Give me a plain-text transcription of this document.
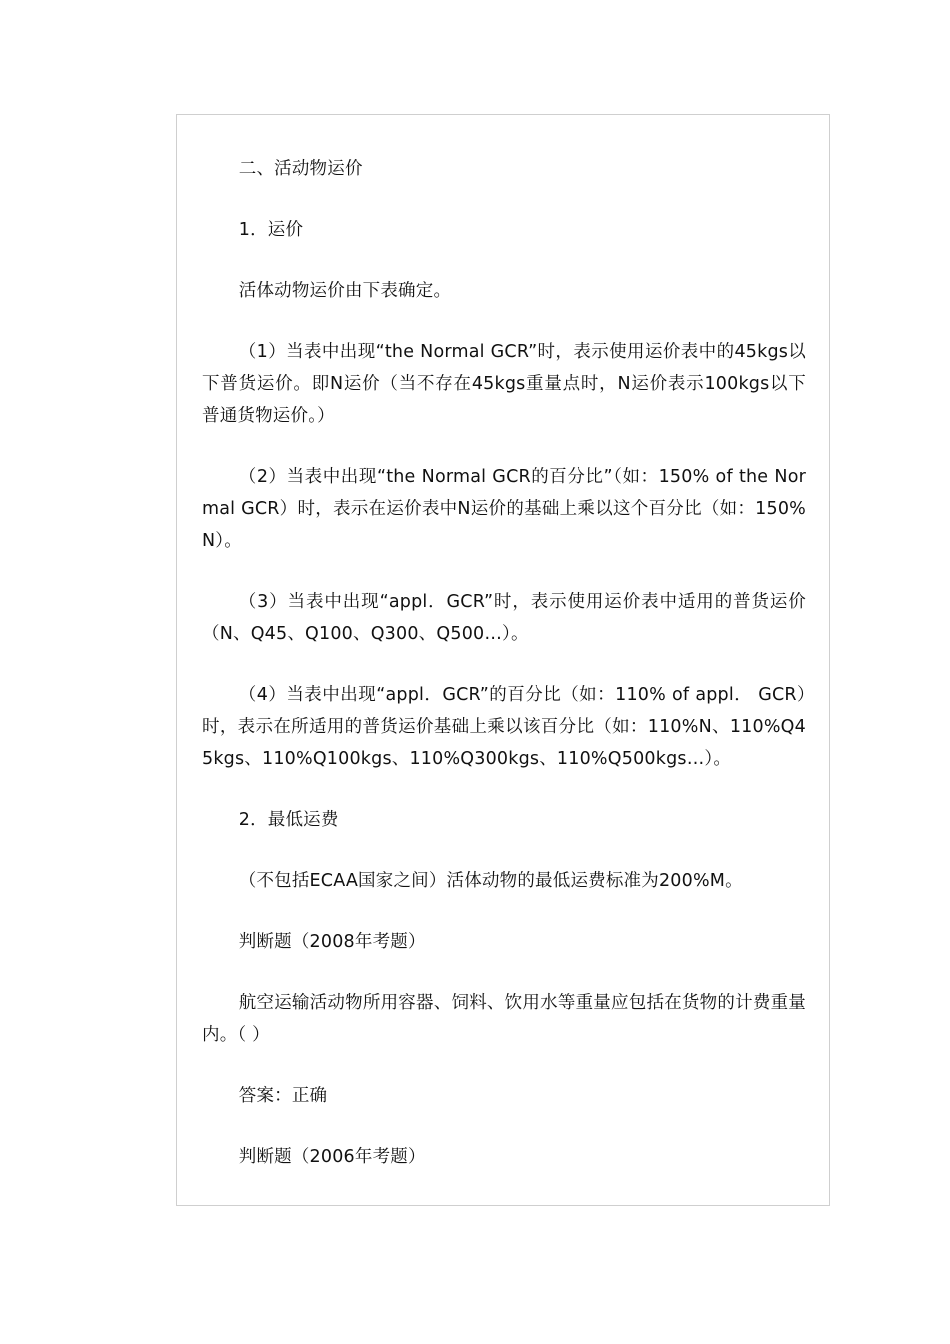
二、活动物运价

1．运价

活体动物运价由下表确定。

（1）当表中出现“the Normal GCR”时，表示使用运价表中的45kgs以下普货运价。即N运价（当不存在45kgs重量点时，N运价表示100kgs以下普通货物运价。）

（2）当表中出现“the Normal GCR的百分比”（如：150% of the Normal GCR）时，表示在运价表中N运价的基础上乘以这个百分比（如：150%N）。

（3）当表中出现“appl．GCR”时，表示使用运价表中适用的普货运价（N、Q45、Q100、Q300、Q500…）。

（4）当表中出现“appl．GCR”的百分比（如：110% of appl． GCR）时，表示在所适用的普货运价基础上乘以该百分比（如：110%N、110%Q45kgs、110%Q100kgs、110%Q300kgs、110%Q500kgs…）。

2．最低运费

（不包括ECAA国家之间）活体动物的最低运费标准为200%M。

判断题（2008年考题）

航空运输活动物所用容器、饲料、饮用水等重量应包括在货物的计费重量内。（ ）

答案：正确

判断题（2006年考题）
